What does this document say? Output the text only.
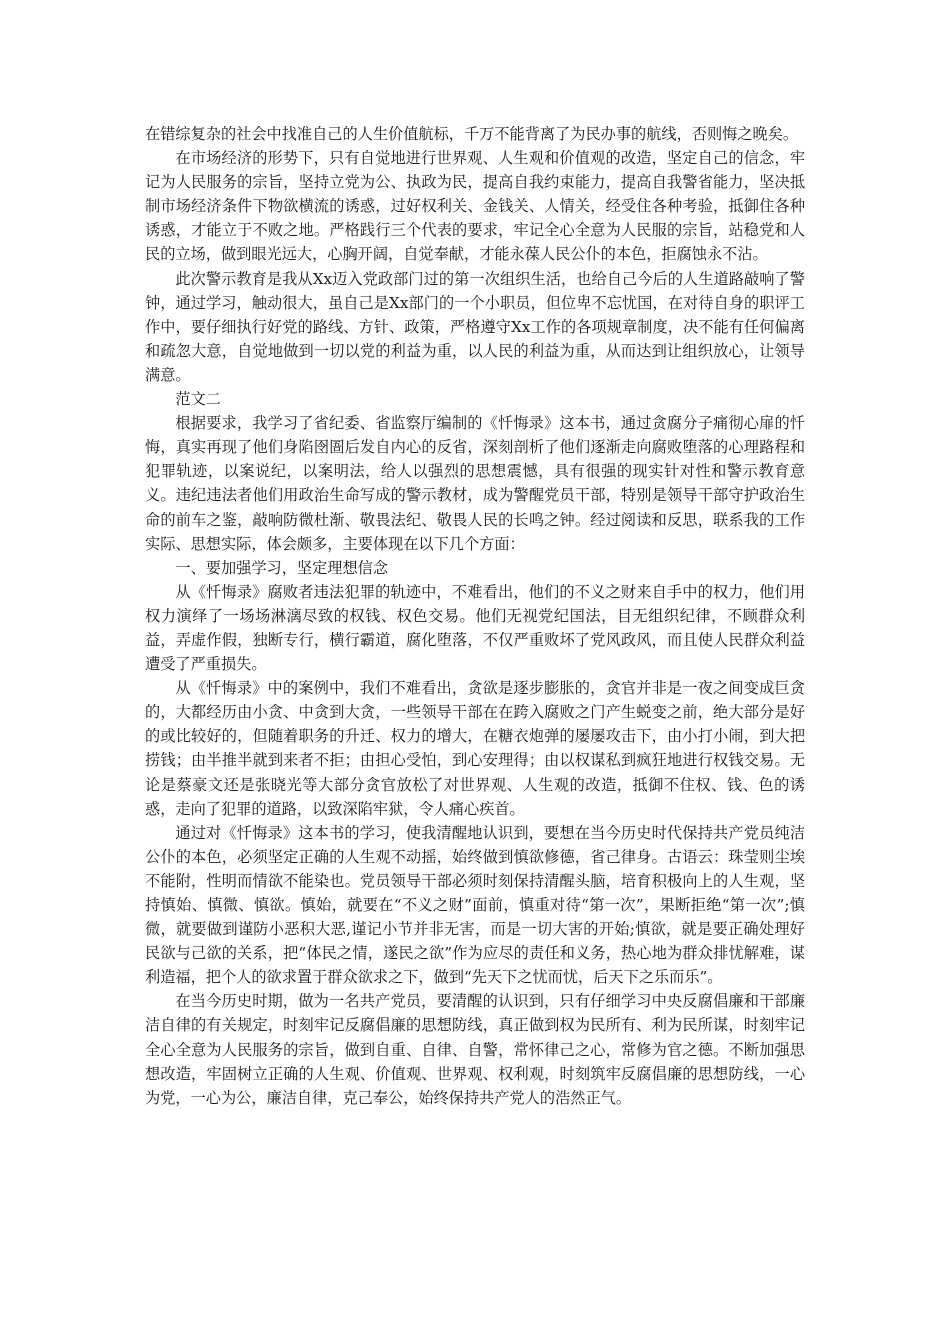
在错综复杂的社会中找准自己的人生价值航标，千万不能背离了为民办事的航线，否则悔之晚矣。

在市场经济的形势下，只有自觉地进行世界观、人生观和价值观的改造，坚定自己的信念，牢记为人民服务的宗旨，坚持立党为公、执政为民，提高自我约束能力，提高自我警省能力，坚决抵制市场经济条件下物欲横流的诱惑，过好权利关、金钱关、人情关，经受住各种考验，抵御住各种诱惑，才能立于不败之地。严格践行三个代表的要求，牢记全心全意为人民服的宗旨，站稳党和人民的立场，做到眼光远大，心胸开阔，自觉奉献，才能永葆人民公仆的本色，拒腐蚀永不沾。

此次警示教育是我从Xx迈入党政部门过的第一次组织生活，也给自己今后的人生道路敲响了警钟，通过学习，触动很大，虽自己是Xx部门的一个小职员，但位卑不忘忧国，在对待自身的职评工作中，要仔细执行好党的路线、方针、政策，严格遵守Xx工作的各项规章制度，决不能有任何偏离和疏忽大意，自觉地做到一切以党的利益为重，以人民的利益为重，从而达到让组织放心，让领导满意。

范文二

根据要求，我学习了省纪委、省监察厅编制的《忏悔录》这本书，通过贪腐分子痛彻心扉的忏悔，真实再现了他们身陷囹圄后发自内心的反省，深刻剖析了他们逐渐走向腐败堕落的心理路程和犯罪轨迹，以案说纪，以案明法，给人以强烈的思想震憾，具有很强的现实针对性和警示教育意义。违纪违法者他们用政治生命写成的警示教材，成为警醒党员干部，特别是领导干部守护政治生命的前车之鉴，敲响防微杜渐、敬畏法纪、敬畏人民的长鸣之钟。经过阅读和反思，联系我的工作实际、思想实际，体会颇多，主要体现在以下几个方面：

一、要加强学习，坚定理想信念

从《忏悔录》腐败者违法犯罪的轨迹中，不难看出，他们的不义之财来自手中的权力，他们用权力演绎了一场场淋漓尽致的权钱、权色交易。他们无视党纪国法，目无组织纪律，不顾群众利益，弄虚作假，独断专行，横行霸道，腐化堕落，不仅严重败坏了党风政风，而且使人民群众利益遭受了严重损失。

从《忏悔录》中的案例中，我们不难看出，贪欲是逐步膨胀的，贪官并非是一夜之间变成巨贪的，大都经历由小贪、中贪到大贪，一些领导干部在在跨入腐败之门产生蜕变之前，绝大部分是好的或比较好的，但随着职务的升迁、权力的增大，在糖衣炮弹的屡屡攻击下，由小打小闹，到大把捞钱；由半推半就到来者不拒；由担心受怕，到心安理得；由以权谋私到疯狂地进行权钱交易。无论是蔡豪文还是张晓光等大部分贪官放松了对世界观、人生观的改造，抵御不住权、钱、色的诱惑，走向了犯罪的道路，以致深陷牢狱，令人痛心疾首。

通过对《忏悔录》这本书的学习，使我清醒地认识到，要想在当今历史时代保持共产党员纯洁公仆的本色，必须坚定正确的人生观不动摇，始终做到慎欲修德，省己律身。古语云：珠莹则尘埃不能附，性明而情欲不能染也。党员领导干部必须时刻保持清醒头脑，培育积极向上的人生观，坚持慎始、慎微、慎欲。慎始，就要在“不义之财”面前，慎重对待“第一次”，果断拒绝“第一次”;慎微，就要做到谨防小恶积大恶,谨记小节并非无害，而是一切大害的开始;慎欲，就是要正确处理好民欲与己欲的关系，把“体民之情，遂民之欲”作为应尽的责任和义务，热心地为群众排忧解难，谋利造福，把个人的欲求置于群众欲求之下，做到“先天下之忧而忧，后天下之乐而乐”。

在当今历史时期，做为一名共产党员，要清醒的认识到，只有仔细学习中央反腐倡廉和干部廉洁自律的有关规定，时刻牢记反腐倡廉的思想防线，真正做到权为民所有、利为民所谋，时刻牢记全心全意为人民服务的宗旨，做到自重、自律、自警，常怀律己之心，常修为官之德。不断加强思想改造，牢固树立正确的人生观、价值观、世界观、权利观，时刻筑牢反腐倡廉的思想防线，一心为党，一心为公，廉洁自律，克己奉公，始终保持共产党人的浩然正气。
